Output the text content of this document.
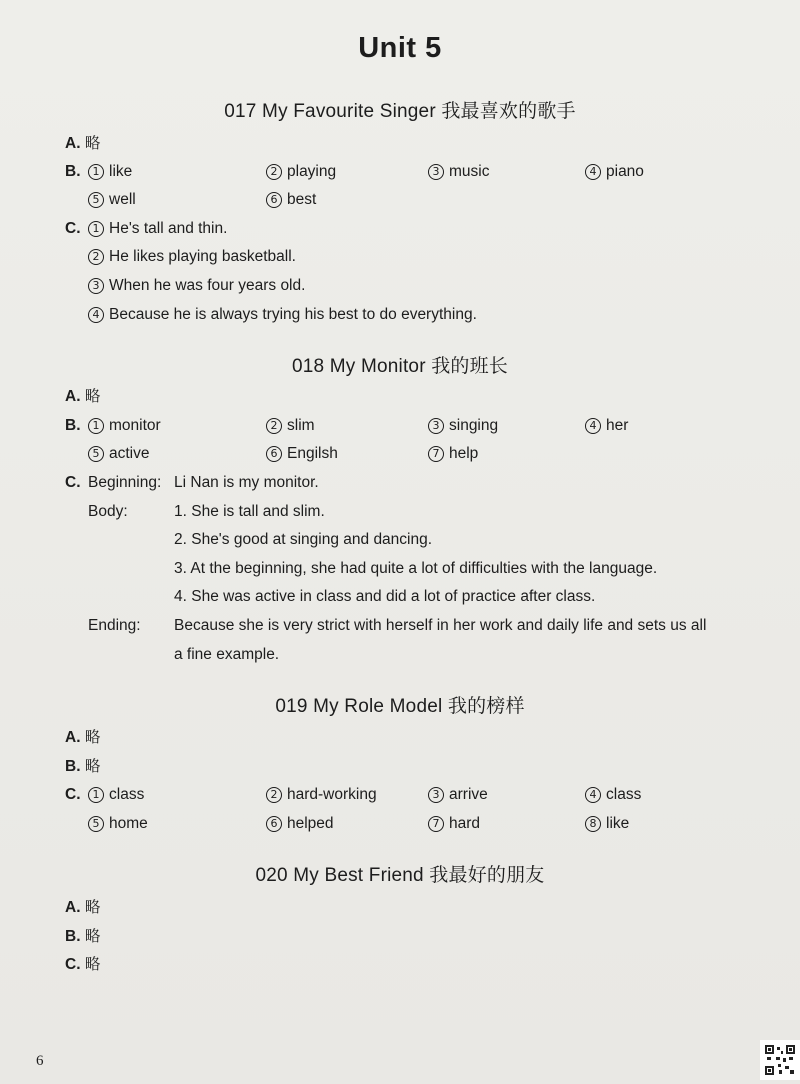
Unit 5
017 My Favourite Singer 我最喜欢的歌手
A. 略
B.	1 like	2 playing	3 music	4 piano
5 well	6 best
C.	1 He's tall and thin.
2 He likes playing basketball.
3 When he was four years old.
4 Because he is always trying his best to do everything.
018 My Monitor 我的班长
A. 略
B.	1 monitor	2 slim	3 singing	4 her
5 active	6 Engilsh	7 help
C. Beginning: Li Nan is my monitor.
Body:	1. She is tall and slim.
2. She's good at singing and dancing.
3. At the beginning, she had quite a lot of difficulties with the language.
4. She was active in class and did a lot of practice after class.
Ending: Because she is very strict with herself in her work and daily life and sets us all
a fine example.
019 My Role Model 我的榜样
A. 略
B. 略
C.	1 class	2 hard-working	3 arrive	4 class
5 home	6 helped	7 hard	8 like
020 My Best Friend 我最好的朋友
A. 略
B. 略
C. 略
6
